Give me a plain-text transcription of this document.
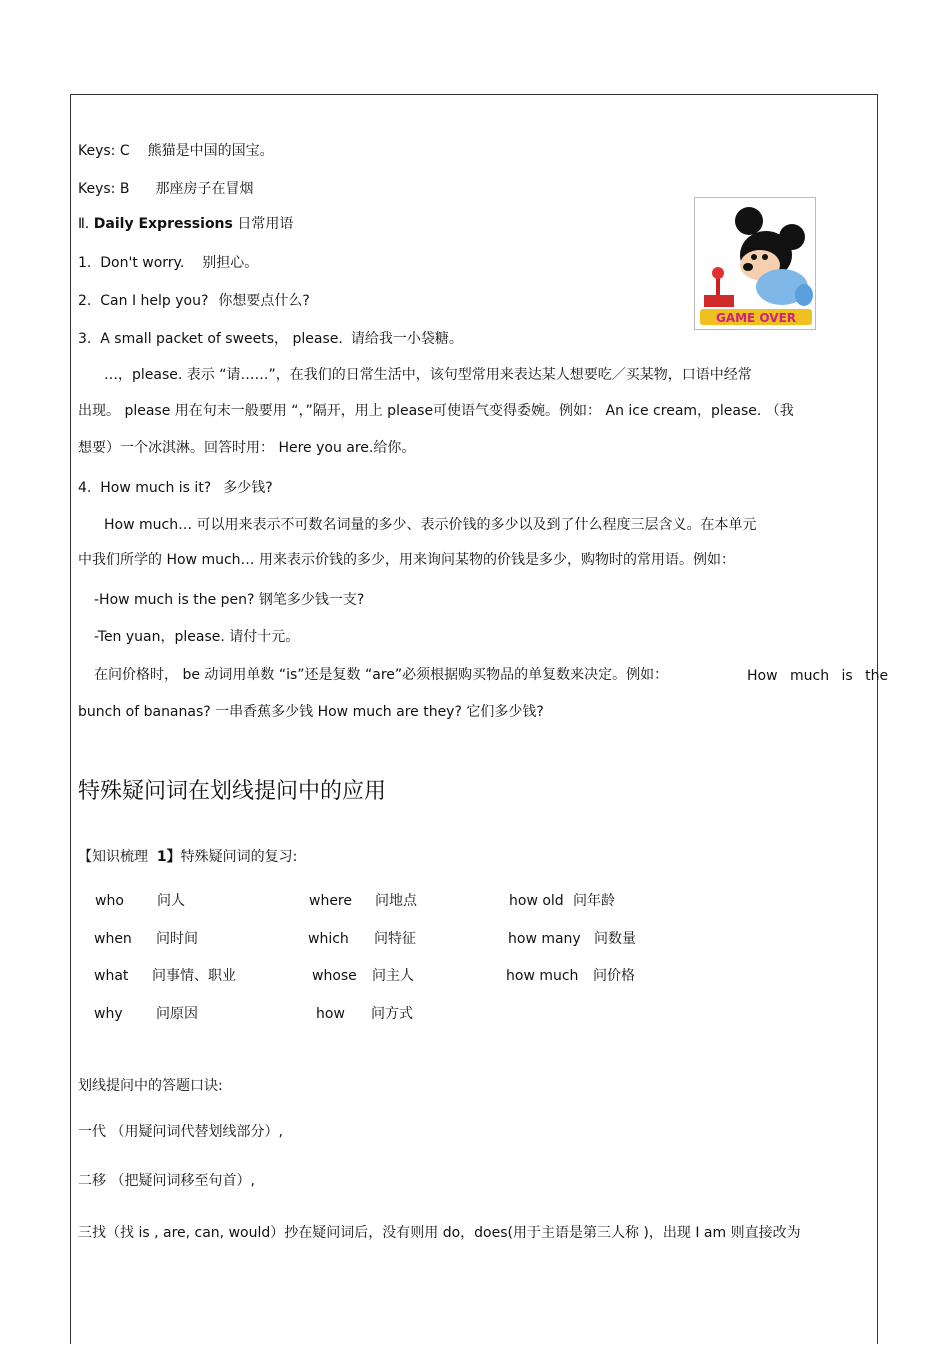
Keys: C 熊猫是中国的国宝。
Keys: B 那座房子在冒烟
Ⅱ. Daily Expressions 日常用语
1. Don't worry. 别担心。
2. Can I help you? 你想要点什么?
3. A small packet of sweets， please. 请给我一小袋糖。
GAME OVER
…，please. 表示 “请……”，在我们的日常生活中，该句型常用来表达某人想要吃／买某物，口语中经常
出现。 please 用在句末一般要用 “，”隔开，用上 please可使语气变得委婉。例如： An ice cream，please. （我
想要）一个冰淇淋。回答时用： Here you are.给你。
4. How much is it? 多少钱?
How much… 可以用来表示不可数名词量的多少、表示价钱的多少以及到了什么程度三层含义。在本单元
中我们所学的 How much… 用来表示价钱的多少，用来询问某物的价钱是多少，购物时的常用语。例如：
-How much is the pen? 钢笔多少钱一支?
-Ten yuan，please. 请付十元。
在问价格时， be 动词用单数 “is”还是复数 “are”必须根据购买物品的单复数来决定。例如：	How much is the
bunch of bananas? 一串香蕉多少钱 How much are they? 它们多少钱?
特殊疑问词在划线提问中的应用
【知识梳理 1】特殊疑问词的复习:
who 问人	where 问地点	how old 问年龄
when 问时间	which 问特征	how many 问数量
what 问事情、职业	whose 问主人	how much 问价格
why 问原因	how 问方式
划线提问中的答题口诀:
一代 （用疑问词代替划线部分）,
二移 （把疑问词移至句首）,
三找（找 is , are, can, would）抄在疑问词后，没有则用 do，does(用于主语是第三人称 )，出现 I am 则直接改为
